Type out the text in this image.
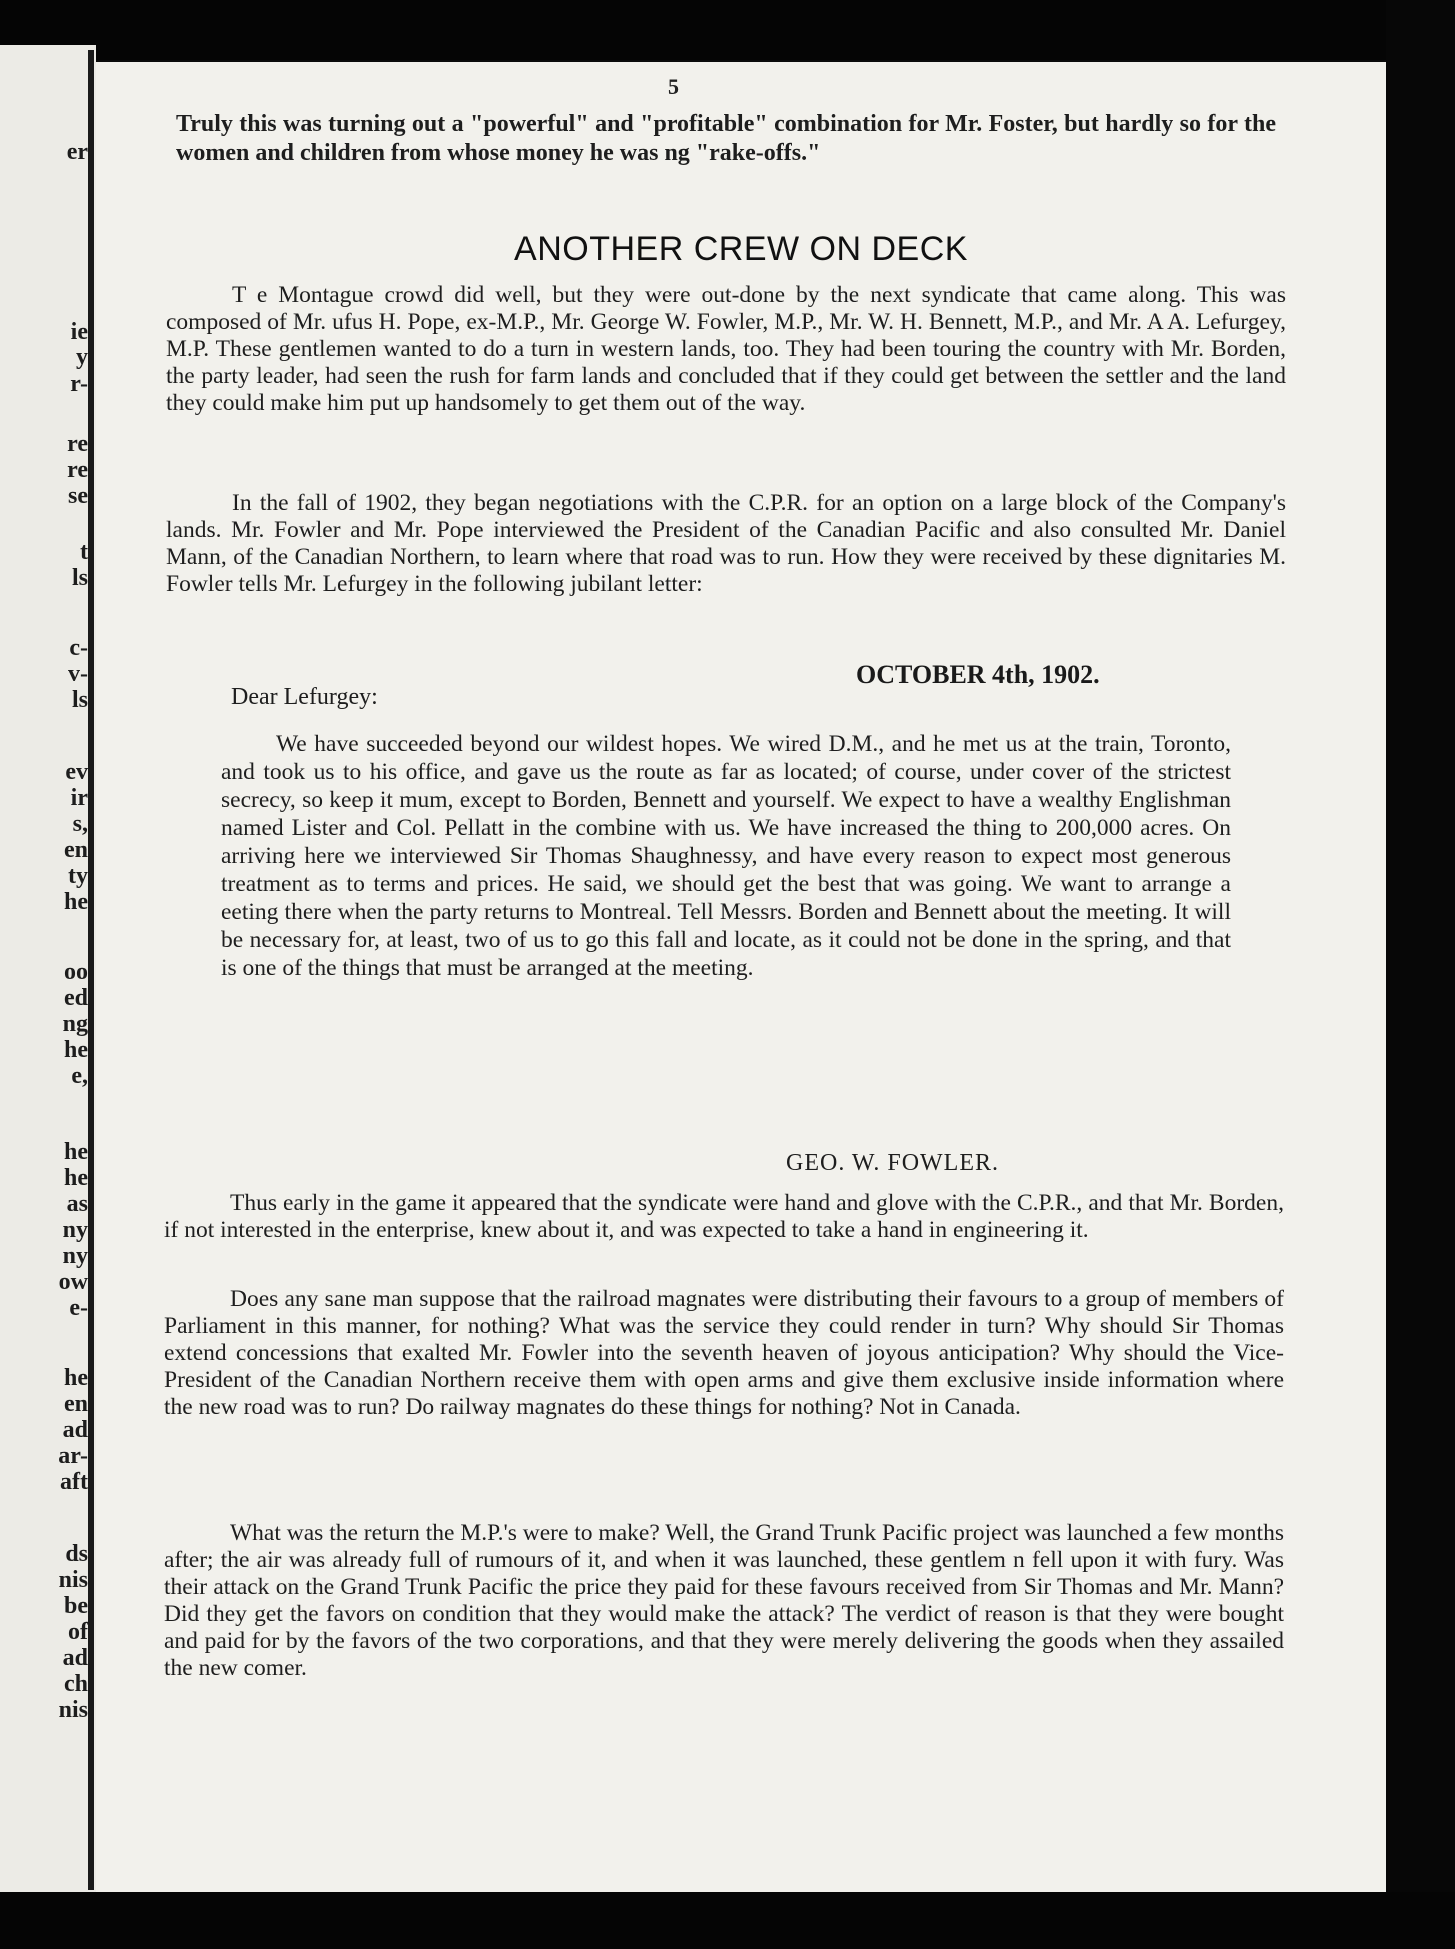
er
ie
y
r-
re
re
se
t
ls
c-
v-
ls
ev
ir
s,
en
ty
he
oo
ed
ng
he
e,
he
he
as
ny
ny
ow
e-
he
en
ad
ar-
aft
ds
nis
be
of
ad
ch
nis
5

Truly this was turning out a "powerful" and "profitable" combination for Mr. Foster, but hardly so for the women and children from whose money he was ng "rake-offs."

ANOTHER CREW ON DECK

T e Montague crowd did well, but they were out-done by the next syndicate that came along. This was composed of Mr. ufus H. Pope, ex-M.P., Mr. George W. Fowler, M.P., Mr. W. H. Bennett, M.P., and Mr. A A. Lefurgey, M.P. These gentlemen wanted to do a turn in western lands, too. They had been touring the country with Mr. Borden, the party leader, had seen the rush for farm lands and concluded that if they could get between the settler and the land they could make him put up handsomely to get them out of the way.

In the fall of 1902, they began negotiations with the C.P.R. for an option on a large block of the Company's lands. Mr. Fowler and Mr. Pope interviewed the President of the Canadian Pacific and also consulted Mr. Daniel Mann, of the Canadian Northern, to learn where that road was to run. How they were received by these dignitaries M. Fowler tells Mr. Lefurgey in the following jubilant letter:

OCTOBER 4th, 1902.
Dear Lefurgey:

We have succeeded beyond our wildest hopes. We wired D.M., and he met us at the train, Toronto, and took us to his office, and gave us the route as far as located; of course, under cover of the strictest secrecy, so keep it mum, except to Borden, Bennett and yourself. We expect to have a wealthy Englishman named Lister and Col. Pellatt in the combine with us. We have increased the thing to 200,000 acres. On arriving here we interviewed Sir Thomas Shaughnessy, and have every reason to expect most generous treatment as to terms and prices. He said, we should get the best that was going. We want to arrange a eeting there when the party returns to Montreal. Tell Messrs. Borden and Bennett about the meeting. It will be necessary for, at least, two of us to go this fall and locate, as it could not be done in the spring, and that is one of the things that must be arranged at the meeting.

GEO. W. FOWLER.

Thus early in the game it appeared that the syndicate were hand and glove with the C.P.R., and that Mr. Borden, if not interested in the enterprise, knew about it, and was expected to take a hand in engineering it.

Does any sane man suppose that the railroad magnates were distributing their favours to a group of members of Parliament in this manner, for nothing? What was the service they could render in turn? Why should Sir Thomas extend concessions that exalted Mr. Fowler into the seventh heaven of joyous anticipation? Why should the Vice-President of the Canadian Northern receive them with open arms and give them exclusive inside information where the new road was to run? Do railway magnates do these things for nothing? Not in Canada.

What was the return the M.P.'s were to make? Well, the Grand Trunk Pacific project was launched a few months after; the air was already full of rumours of it, and when it was launched, these gentlem n fell upon it with fury. Was their attack on the Grand Trunk Pacific the price they paid for these favours received from Sir Thomas and Mr. Mann? Did they get the favors on condition that they would make the attack? The verdict of reason is that they were bought and paid for by the favors of the two corporations, and that they were merely delivering the goods when they assailed the new comer.
